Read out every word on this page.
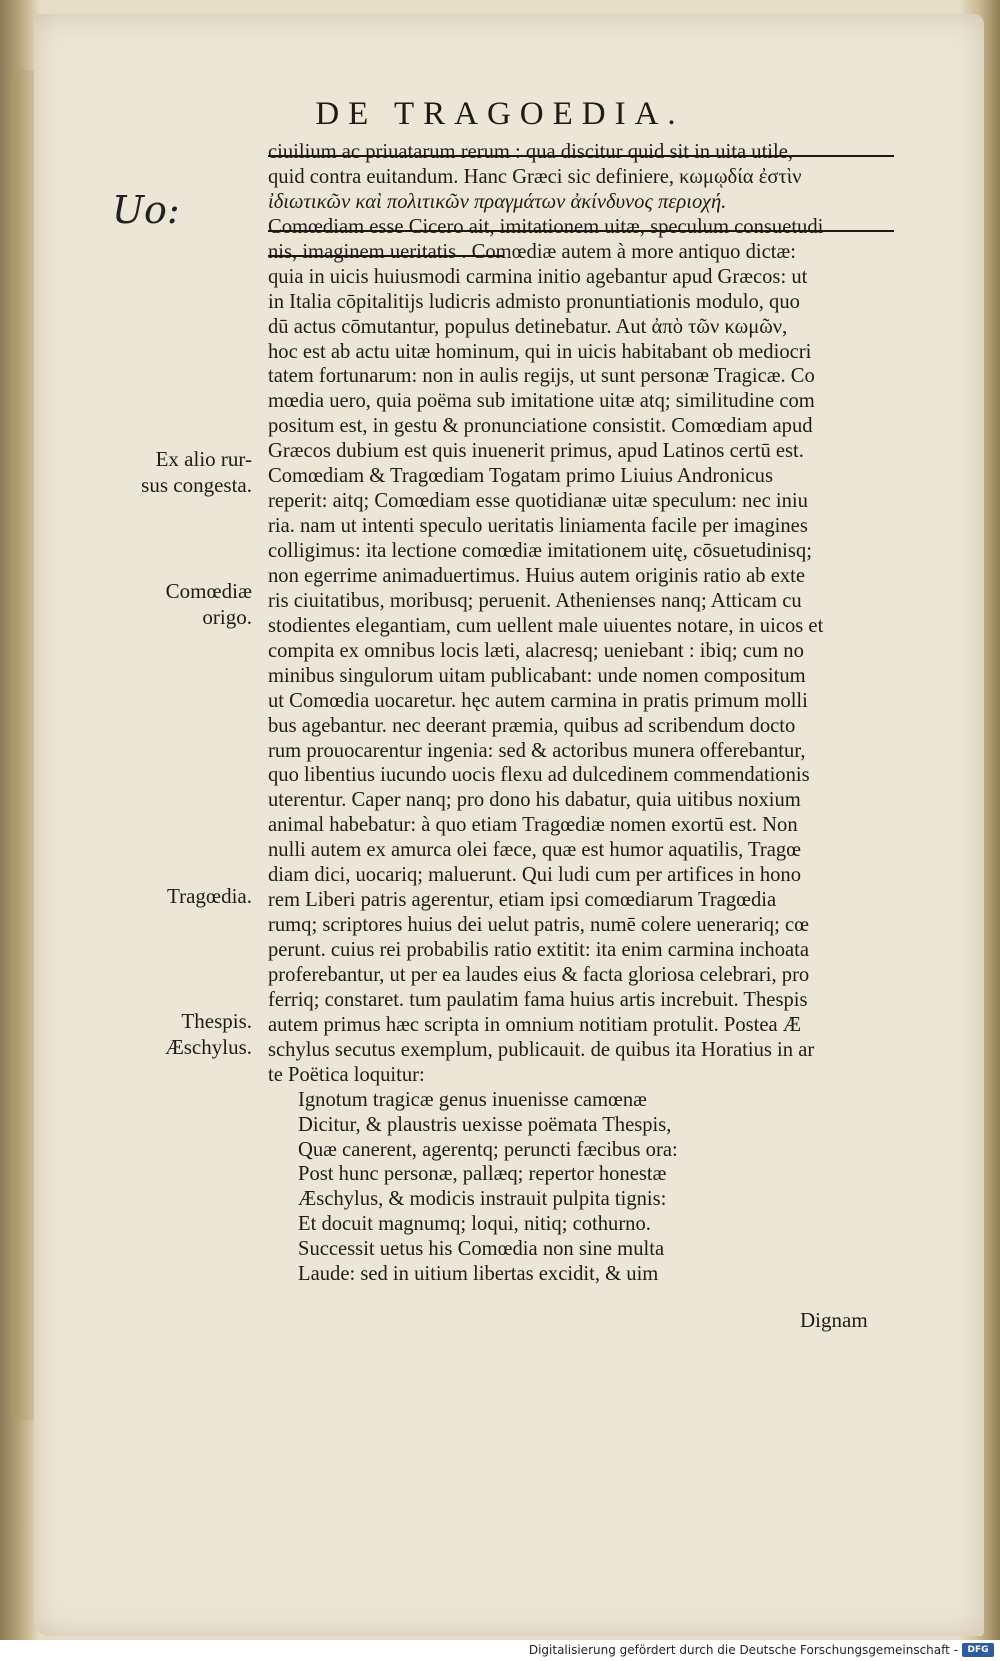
DE TRAGOEDIA.
Uo:
ciuilium ac priuatarum rerum : qua discitur quid sit in uita utile,
quid contra euitandum. Hanc Græci sic definiere, κωμῳδία ἐστὶν
ἰδιωτικῶν καὶ πολιτικῶν πραγμάτων ἀκίνδυνος περιοχή.
Comœdiam esse Cicero ait, imitationem uitæ, speculum consuetudi
nis, imaginem ueritatis . Comœdiæ autem à more antiquo dictæ:
quia in uicis huiusmodi carmina initio agebantur apud Græcos: ut
in Italia cōpitalitijs ludicris admisto pronuntiationis modulo, quo
dū actus cōmutantur, populus detinebatur. Aut ἀπὸ τῶν κωμῶν,
hoc est ab actu uitæ hominum, qui in uicis habitabant ob mediocri
tatem fortunarum: non in aulis regijs, ut sunt personæ Tragicæ. Co
mœdia uero, quia poëma sub imitatione uitæ atq; similitudine com
positum est, in gestu & pronunciatione consistit. Comœdiam apud
Græcos dubium est quis inuenerit primus, apud Latinos certū est.
Comœdiam & Tragœdiam Togatam primo Liuius Andronicus
reperit: aitq; Comœdiam esse quotidianæ uitæ speculum: nec iniu
ria. nam ut intenti speculo ueritatis liniamenta facile per imagines
colligimus: ita lectione comœdiæ imitationem uitę, cōsuetudinisq;
non egerrime animaduertimus. Huius autem originis ratio ab exte
ris ciuitatibus, moribusq; peruenit. Athenienses nanq; Atticam cu
stodientes elegantiam, cum uellent male uiuentes notare, in uicos et
compita ex omnibus locis læti, alacresq; ueniebant : ibiq; cum no
minibus singulorum uitam publicabant: unde nomen compositum
ut Comœdia uocaretur. hęc autem carmina in pratis primum molli
bus agebantur. nec deerant præmia, quibus ad scribendum docto
rum prouocarentur ingenia: sed & actoribus munera offerebantur,
quo libentius iucundo uocis flexu ad dulcedinem commendationis
uterentur. Caper nanq; pro dono his dabatur, quia uitibus noxium
animal habebatur: à quo etiam Tragœdiæ nomen exortū est. Non
nulli autem ex amurca olei fæce, quæ est humor aquatilis, Tragœ
diam dici, uocariq; maluerunt. Qui ludi cum per artifices in hono
rem Liberi patris agerentur, etiam ipsi comœdiarum Tragœdia
rumq; scriptores huius dei uelut patris, numē colere uenerariq; cœ
perunt. cuius rei probabilis ratio extitit: ita enim carmina inchoata
proferebantur, ut per ea laudes eius & facta gloriosa celebrari, pro
ferriq; constaret. tum paulatim fama huius artis increbuit. Thespis
autem primus hæc scripta in omnium notitiam protulit. Postea Æ
schylus secutus exemplum, publicauit. de quibus ita Horatius in ar
te Poëtica loquitur:
Ignotum tragicæ genus inuenisse camœnæ
Dicitur, & plaustris uexisse poëmata Thespis,
Quæ canerent, agerentq; peruncti fæcibus ora:
Post hunc personæ, pallæq; repertor honestæ
Æschylus, & modicis instrauit pulpita tignis:
Et docuit magnumq; loqui, nitiq; cothurno.
Successit uetus his Comœdia non sine multa
Laude: sed in uitium libertas excidit, & uim
Ex alio rur-
sus congesta.
Comœdiæ
origo.
Tragœdia.
Thespis.
Æschylus.
Dignam
Digitalisierung gefördert durch die Deutsche Forschungsgemeinschaft -	DFG
